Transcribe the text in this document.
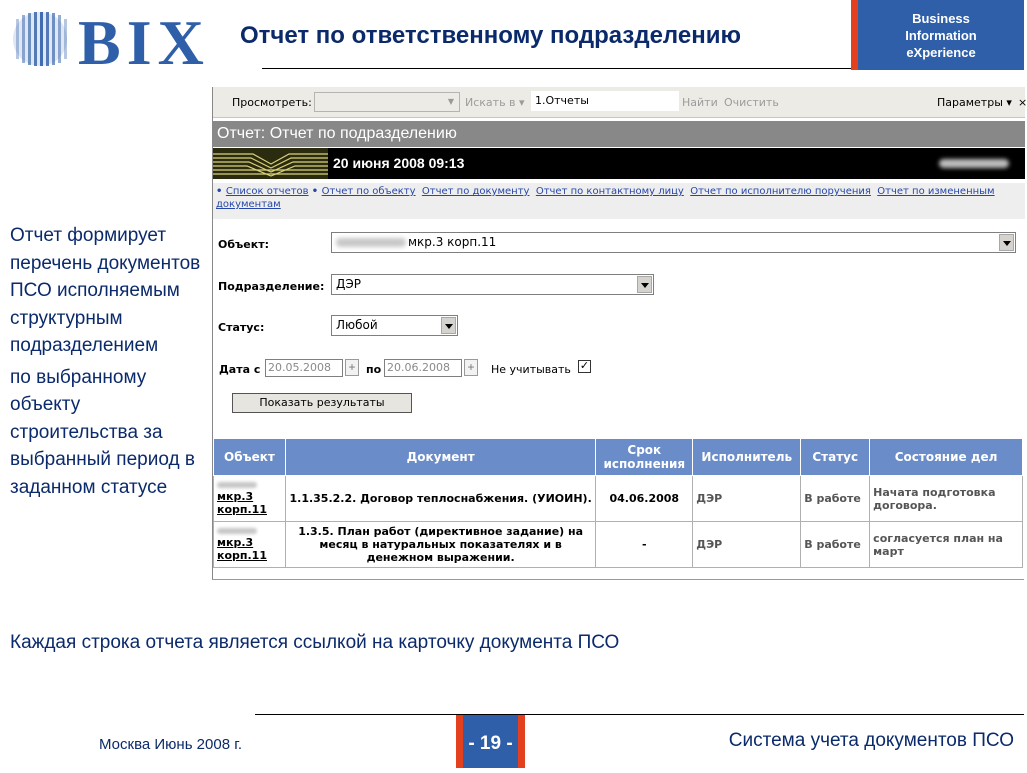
BIX Отчет по ответственному подразделению
Business
Information
eXperience

Отчет формирует перечень документов ПСО исполняемым структурным подразделением

по выбранному объекту строительства за выбранный период в заданном статусе

Просмотреть:	▼ Искать в ▾ 1.Отчеты	Найти Очистить	Параметры ▾ ×
Отчет: Отчет по подразделению
20 июня 2008 09:13
• Список отчетов • Отчет по объекту Отчет по документу Отчет по контактному лицу Отчет по исполнителю поручения Отчет по измененным документам
Объект:	мкр.3 корп.11
Подразделение: ДЭР
Статус:	Любой
Дата с 20.05.2008	+ по 20.06.2008	+	Не учитывать ✓
Показать результаты
Объект	Документ	Срок исполнения	Исполнитель	Статус	Состояние дел

мкр.3 корп.11	1.1.35.2.2. Договор теплоснабжения. (УИОИН).	04.06.2008	ДЭР	В работе	Начата подготовка договора.

мкр.3 корп.11	1.3.5. План работ (директивное задание) на месяц в натуральных показателях и в денежном выражении.	-	ДЭР	В работе	согласуется план на март
Каждая строка отчета является ссылкой на карточку документа ПСО
Москва Июнь 2008 г.	- 19 -	Система учета документов ПСО
